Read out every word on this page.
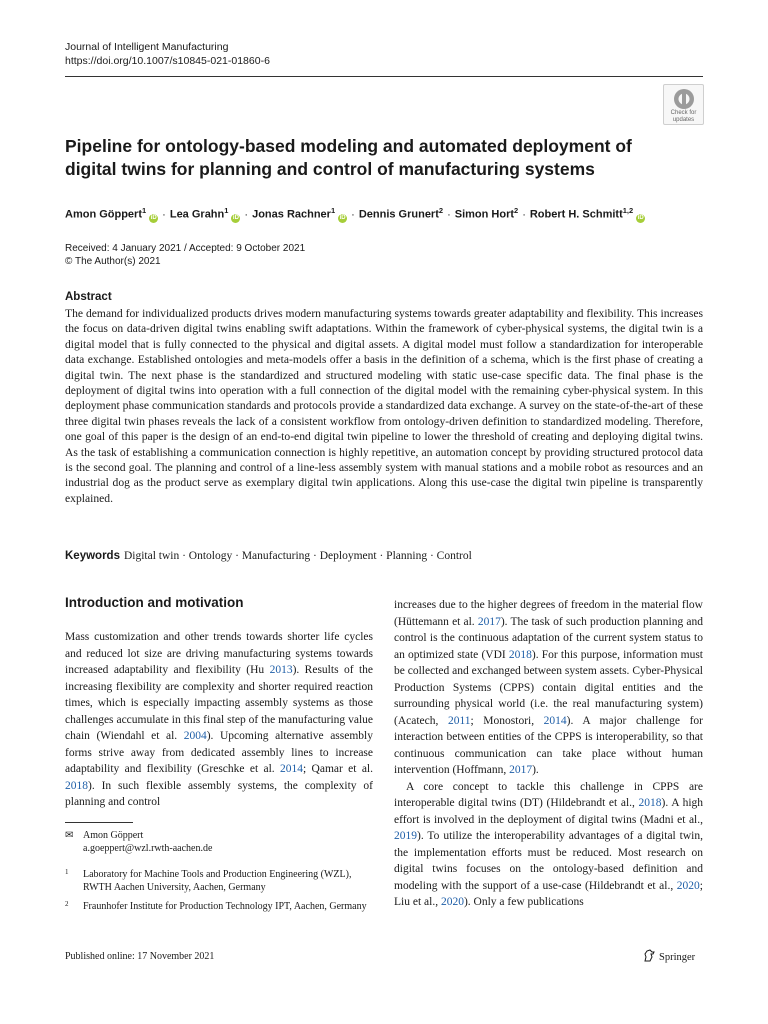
Journal of Intelligent Manufacturing
https://doi.org/10.1007/s10845-021-01860-6
Check for
updates
Pipeline for ontology-based modeling and automated deployment of digital twins for planning and control of manufacturing systems
Amon Göppert$^1$iD · Lea Grahn$^1$iD · Jonas Rachner$^1$iD · Dennis Grunert$^2$ · Simon Hort$^2$ · Robert H. Schmitt$^{1,2}$iD
Received: 4 January 2021 / Accepted: 9 October 2021
© The Author(s) 2021
Abstract
The demand for individualized products drives modern manufacturing systems towards greater adaptability and flexibility. This increases the focus on data-driven digital twins enabling swift adaptations. Within the framework of cyber-physical systems, the digital twin is a digital model that is fully connected to the physical and digital assets. A digital model must follow a standardization for interoperable data exchange. Established ontologies and meta-models offer a basis in the definition of a schema, which is the first phase of creating a digital twin. The next phase is the standardized and structured modeling with static use-case specific data. The final phase is the deployment of digital twins into operation with a full connection of the digital model with the remaining cyber-physical system. In this deployment phase communication standards and protocols provide a standardized data exchange. A survey on the state-of-the-art of these three digital twin phases reveals the lack of a consistent workflow from ontology-driven definition to standardized modeling. Therefore, one goal of this paper is the design of an end-to-end digital twin pipeline to lower the threshold of creating and deploying digital twins. As the task of establishing a communication connection is highly repetitive, an automation concept by providing structured protocol data is the second goal. The planning and control of a line-less assembly system with manual stations and a mobile robot as resources and an industrial dog as the product serve as exemplary digital twin applications. Along this use-case the digital twin pipeline is transparently explained.
Keywords Digital twin · Ontology · Manufacturing · Deployment · Planning · Control
Introduction and motivation
Mass customization and other trends towards shorter life cycles and reduced lot size are driving manufacturing systems towards increased adaptability and flexibility (Hu 2013). Results of the increasing flexibility are complexity and shorter required reaction times, which is especially impacting assembly systems as those challenges accumulate in this final step of the manufacturing value chain (Wiendahl et al. 2004). Upcoming alternative assembly forms strive away from dedicated assembly lines to increase adaptability and flexibility (Greschke et al. 2014; Qamar et al. 2018). In such flexible assembly systems, the complexity of planning and control

increases due to the higher degrees of freedom in the material flow (Hüttemann et al. 2017). The task of such production planning and control is the continuous adaptation of the current system status to an optimized state (VDI 2018). For this purpose, information must be collected and exchanged between system assets. Cyber-Physical Production Systems (CPPS) contain digital entities and the surrounding physical world (i.e. the real manufacturing system) (Acatech, 2011; Monostori, 2014). A major challenge for interaction between entities of the CPPS is interoperability, so that continuous communication can take place without human intervention (Hoffmann, 2017).

A core concept to tackle this challenge in CPPS are interoperable digital twins (DT) (Hildebrandt et al., 2018). A high effort is involved in the deployment of digital twins (Madni et al., 2019). To utilize the interoperability advantages of a digital twin, the implementation efforts must be reduced. Most research on digital twins focuses on the ontology-based definition and modeling with the support of a use-case (Hildebrandt et al., 2020; Liu et al., 2020). Only a few publications

✉ Amon Göppert
a.goeppert@wzl.rwth-aachen.de
1	Laboratory for Machine Tools and Production Engineering (WZL), RWTH Aachen University, Aachen, Germany
2	Fraunhofer Institute for Production Technology IPT, Aachen, Germany
Published online: 17 November 2021	Springer
